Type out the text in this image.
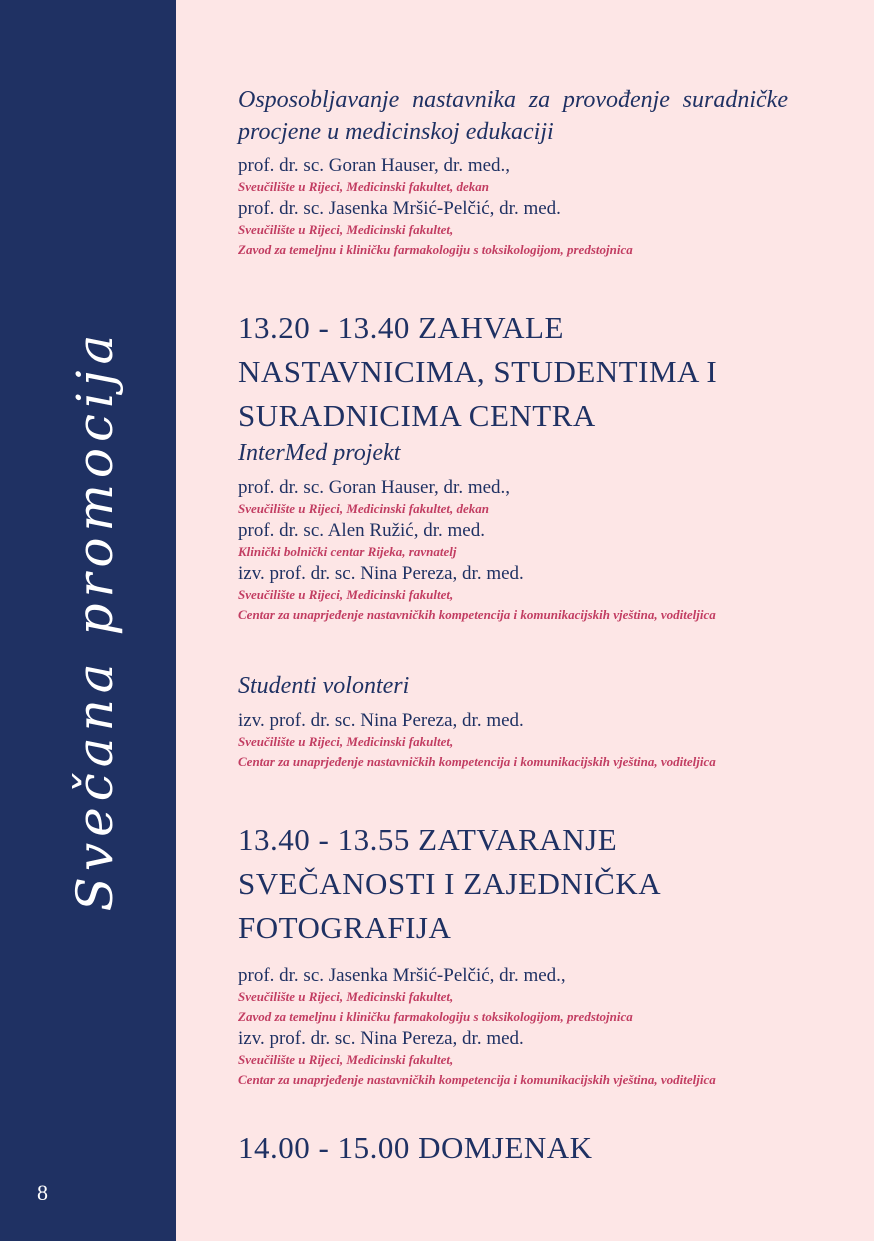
Svečana promocija
8
Osposobljavanje nastavnika za provođenje suradničke procjene u medicinskoj edukaciji
prof. dr. sc. Goran Hauser, dr. med.,
Sveučilište u Rijeci, Medicinski fakultet, dekan
prof. dr. sc. Jasenka Mršić-Pelčić, dr. med.
Sveučilište u Rijeci, Medicinski fakultet,
Zavod za temeljnu i kliničku farmakologiju s toksikologijom, predstojnica
13.20 - 13.40 ZAHVALE
NASTAVNICIMA, STUDENTIMA I
SURADNICIMA CENTRA
InterMed projekt
prof. dr. sc. Goran Hauser, dr. med.,
Sveučilište u Rijeci, Medicinski fakultet, dekan
prof. dr. sc. Alen Ružić, dr. med.
Klinički bolnički centar Rijeka, ravnatelj
izv. prof. dr. sc. Nina Pereza, dr. med.
Sveučilište u Rijeci, Medicinski fakultet,
Centar za unaprjeđenje nastavničkih kompetencija i komunikacijskih vještina, voditeljica
Studenti volonteri
izv. prof. dr. sc. Nina Pereza, dr. med.
Sveučilište u Rijeci, Medicinski fakultet,
Centar za unaprjeđenje nastavničkih kompetencija i komunikacijskih vještina, voditeljica
13.40 - 13.55 ZATVARANJE
SVEČANOSTI I ZAJEDNIČKA
FOTOGRAFIJA
prof. dr. sc. Jasenka Mršić-Pelčić, dr. med.,
Sveučilište u Rijeci, Medicinski fakultet,
Zavod za temeljnu i kliničku farmakologiju s toksikologijom, predstojnica
izv. prof. dr. sc. Nina Pereza, dr. med.
Sveučilište u Rijeci, Medicinski fakultet,
Centar za unaprjeđenje nastavničkih kompetencija i komunikacijskih vještina, voditeljica
14.00 - 15.00 DOMJENAK
